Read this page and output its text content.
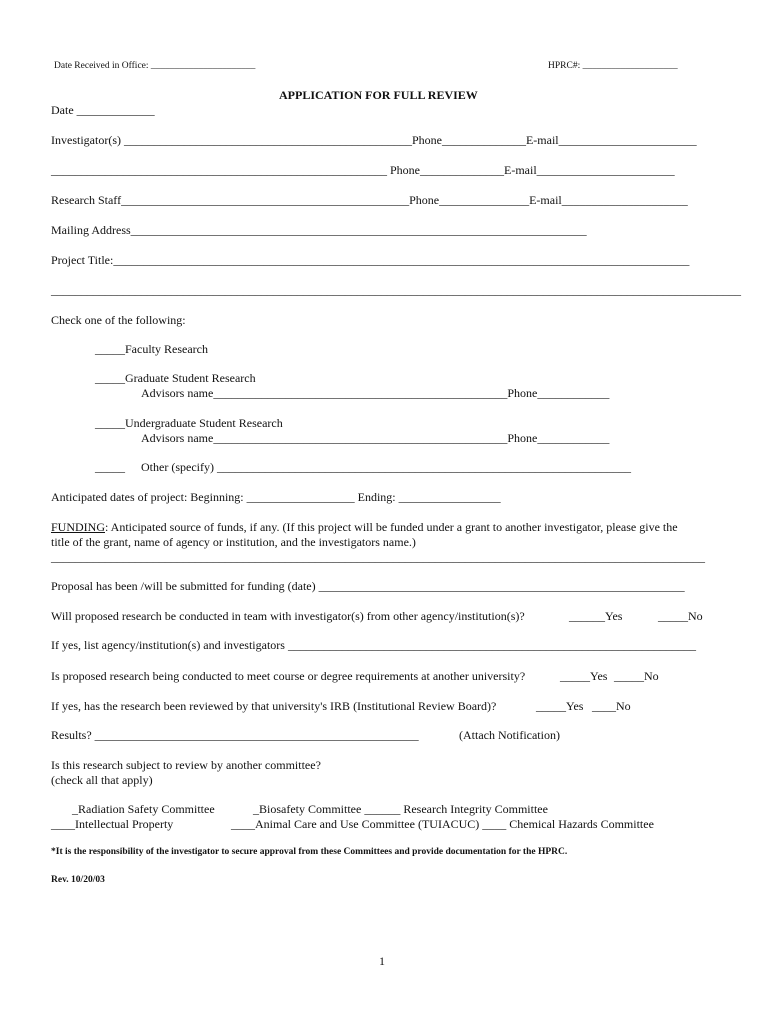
Date Received in Office: ______________________	HPRC#: ____________________
APPLICATION FOR FULL REVIEW
Date _____________
Investigator(s) ________________________________________________Phone______________E-mail_______________________
________________________________________________________ Phone______________E-mail_______________________
Research Staff________________________________________________Phone_______________E-mail_____________________
Mailing Address____________________________________________________________________________
Project Title:________________________________________________________________________________________________
___________________________________________________________________________________________________________________
Check one of the following:
_____Faculty Research
_____Graduate Student Research
Advisors name_________________________________________________Phone____________
_____Undergraduate Student Research
Advisors name_________________________________________________Phone____________
_____ Other (specify) _____________________________________________________________________
Anticipated dates of project: Beginning: __________________ Ending: _________________
FUNDING: Anticipated source of funds, if any. (If this project will be funded under a grant to another investigator, please give the
title of the grant, name of agency or institution, and the investigators name.)
_____________________________________________________________________________________________________________
Proposal has been /will be submitted for funding (date) _____________________________________________________________
Will proposed research be conducted in team with investigator(s) from other agency/institution(s)?	______Yes	_____No
If yes, list agency/institution(s) and investigators ____________________________________________________________________
Is proposed research being conducted to meet course or degree requirements at another university?	_____Yes _____No
If yes, has the research been reviewed by that university's IRB (Institutional Review Board)?	_____Yes ____No
Results? ______________________________________________________	(Attach Notification)
Is this research subject to review by another committee?
(check all that apply)
_Radiation Safety Committee	_Biosafety Committee ______ Research Integrity Committee
____Intellectual Property	____Animal Care and Use Committee (TUIACUC) ____ Chemical Hazards Committee
*It is the responsibility of the investigator to secure approval from these Committees and provide documentation for the HPRC.
Rev. 10/20/03
1
